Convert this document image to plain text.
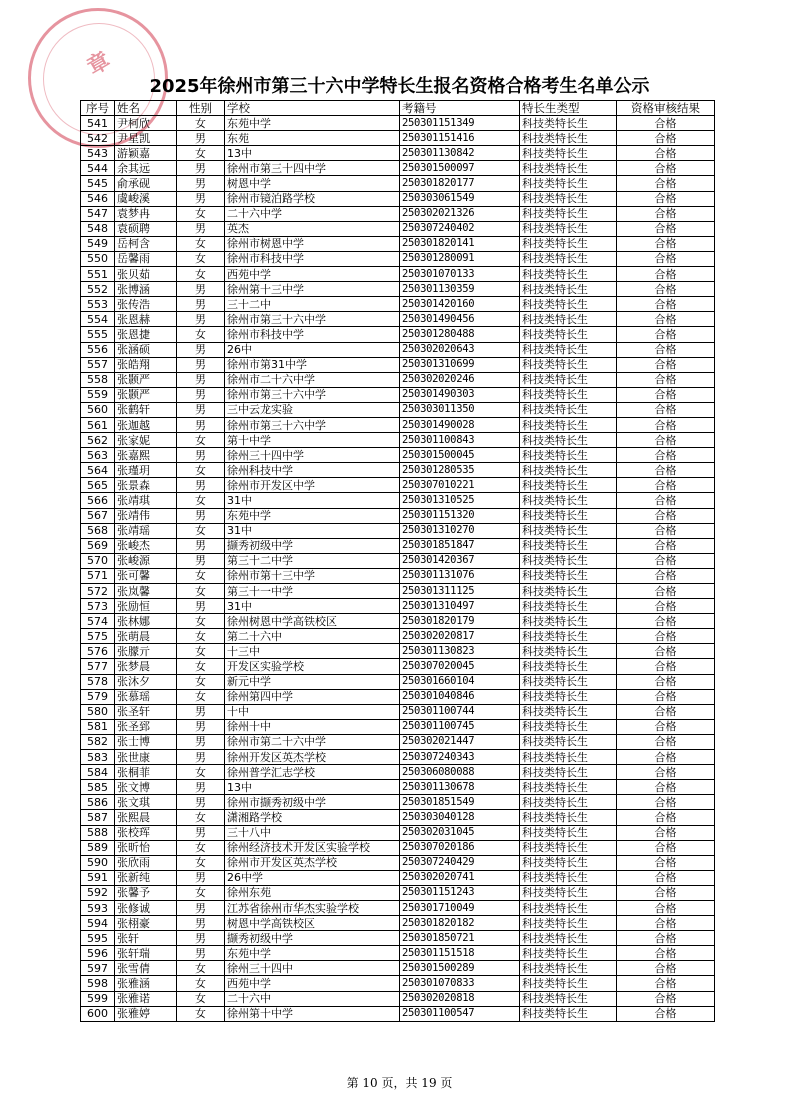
章
2025年徐州市第三十六中学特长生报名资格合格考生名单公示
序号	姓名	性别	学校	考籍号	特长生类型	资格审核结果
541	尹柯欣	女	东苑中学	250301151349	科技类特长生	合格
542	尹星凯	男	东苑	250301151416	科技类特长生	合格
543	游颖嘉	女	13中	250301130842	科技类特长生	合格
544	余其远	男	徐州市第三十四中学	250301500097	科技类特长生	合格
545	俞承砚	男	树恩中学	250301820177	科技类特长生	合格
546	虞峻溪	男	徐州市镜泊路学校	250303061549	科技类特长生	合格
547	袁梦冉	女	二十六中学	250302021326	科技类特长生	合格
548	袁硕聘	男	英杰	250307240402	科技类特长生	合格
549	岳柯含	女	徐州市树恩中学	250301820141	科技类特长生	合格
550	岳馨雨	女	徐州市科技中学	250301280091	科技类特长生	合格
551	张贝茹	女	西苑中学	250301070133	科技类特长生	合格
552	张博涵	男	徐州第十三中学	250301130359	科技类特长生	合格
553	张传浩	男	三十二中	250301420160	科技类特长生	合格
554	张恩赫	男	徐州市第三十六中学	250301490456	科技类特长生	合格
555	张恩捷	女	徐州市科技中学	250301280488	科技类特长生	合格
556	张涵硕	男	26中	250302020643	科技类特长生	合格
557	张皓翔	男	徐州市第31中学	250301310699	科技类特长生	合格
558	张颢严	男	徐州市二十六中学	250302020246	科技类特长生	合格
559	张颢严	男	徐州市第三十六中学	250301490303	科技类特长生	合格
560	张鹤轩	男	三中云龙实验	250303011350	科技类特长生	合格
561	张迦越	男	徐州市第三十六中学	250301490028	科技类特长生	合格
562	张家妮	女	第十中学	250301100843	科技类特长生	合格
563	张嘉熙	男	徐州三十四中学	250301500045	科技类特长生	合格
564	张瑾玥	女	徐州科技中学	250301280535	科技类特长生	合格
565	张景森	男	徐州市开发区中学	250307010221	科技类特长生	合格
566	张靖琪	女	31中	250301310525	科技类特长生	合格
567	张靖伟	男	东苑中学	250301151320	科技类特长生	合格
568	张靖瑶	女	31中	250301310270	科技类特长生	合格
569	张峻杰	男	撷秀初级中学	250301851847	科技类特长生	合格
570	张峻源	男	第三十二中学	250301420367	科技类特长生	合格
571	张可馨	女	徐州市第十三中学	250301131076	科技类特长生	合格
572	张岚馨	女	第三十一中学	250301311125	科技类特长生	合格
573	张励恒	男	31中	250301310497	科技类特长生	合格
574	张林娜	女	徐州树恩中学高铁校区	250301820179	科技类特长生	合格
575	张萌晨	女	第二十六中	250302020817	科技类特长生	合格
576	张朦亓	女	十三中	250301130823	科技类特长生	合格
577	张梦晨	女	开发区实验学校	250307020045	科技类特长生	合格
578	张沐夕	女	新元中学	250301660104	科技类特长生	合格
579	张慕瑶	女	徐州第四中学	250301040846	科技类特长生	合格
580	张圣轩	男	十中	250301100744	科技类特长生	合格
581	张圣郅	男	徐州十中	250301100745	科技类特长生	合格
582	张士博	男	徐州市第二十六中学	250302021447	科技类特长生	合格
583	张世康	男	徐州开发区英杰学校	250307240343	科技类特长生	合格
584	张桐菲	女	徐州普学汇志学校	250306080088	科技类特长生	合格
585	张文博	男	13中	250301130678	科技类特长生	合格
586	张文琪	男	徐州市撷秀初级中学	250301851549	科技类特长生	合格
587	张熙晨	女	潇湘路学校	250303040128	科技类特长生	合格
588	张校珲	男	三十八中	250302031045	科技类特长生	合格
589	张昕怡	女	徐州经济技术开发区实验学校	250307020186	科技类特长生	合格
590	张欣雨	女	徐州市开发区英杰学校	250307240429	科技类特长生	合格
591	张新纯	男	26中学	250302020741	科技类特长生	合格
592	张馨予	女	徐州东苑	250301151243	科技类特长生	合格
593	张修诚	男	江苏省徐州市华杰实验学校	250301710049	科技类特长生	合格
594	张栩豪	男	树恩中学高铁校区	250301820182	科技类特长生	合格
595	张轩	男	撷秀初级中学	250301850721	科技类特长生	合格
596	张轩瑞	男	东苑中学	250301151518	科技类特长生	合格
597	张雪倩	女	徐州三十四中	250301500289	科技类特长生	合格
598	张雅涵	女	西苑中学	250301070833	科技类特长生	合格
599	张雅诺	女	二十六中	250302020818	科技类特长生	合格
600	张雅婷	女	徐州第十中学	250301100547	科技类特长生	合格
第 10 页，共 19 页
